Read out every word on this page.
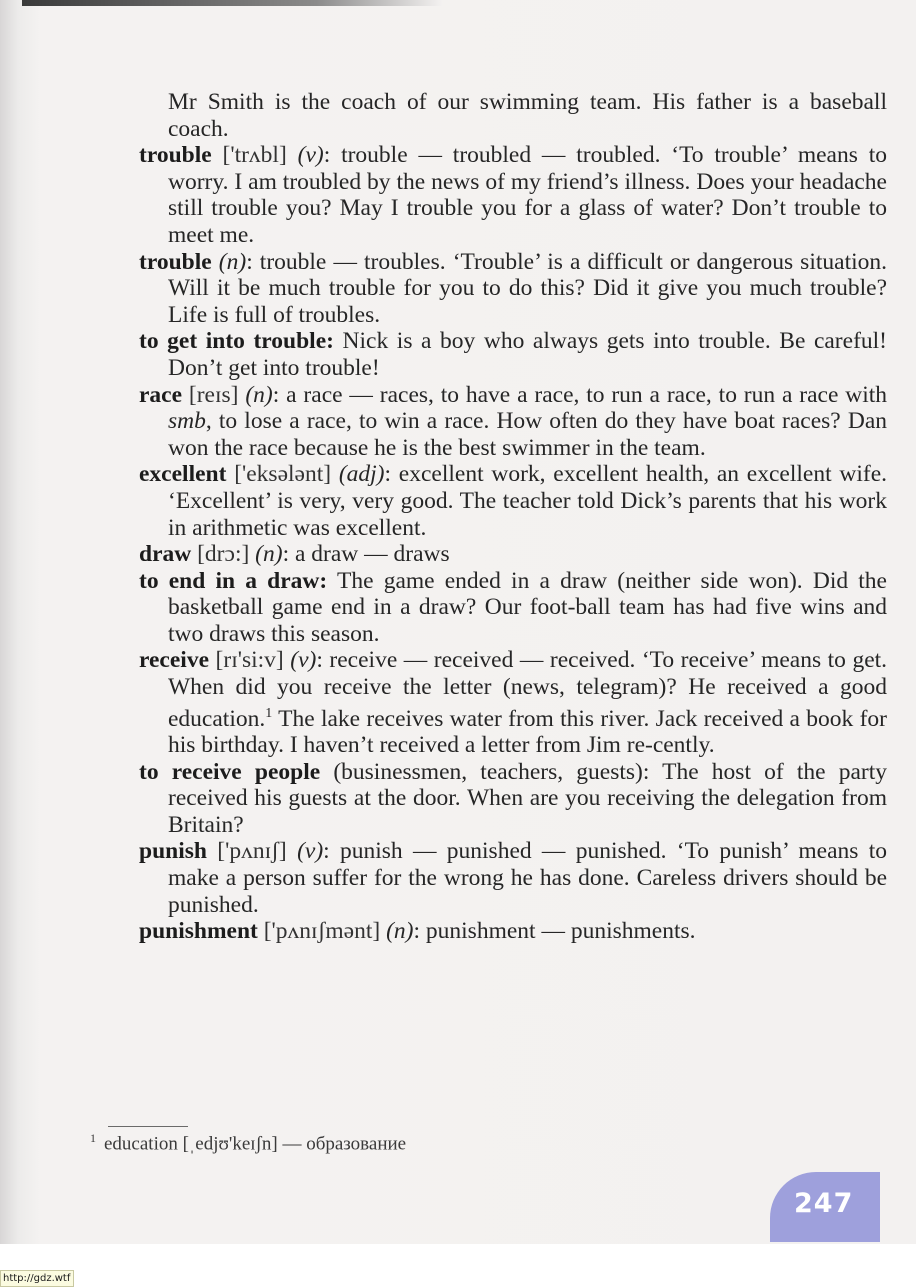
Mr Smith is the coach of our swimming team. His father is a baseball coach.

trouble ['trʌbl] (v): trouble — troubled — troubled. ‘To trouble’ means to worry. I am troubled by the news of my friend’s illness. Does your headache still trouble you? May I trouble you for a glass of water? Don’t trouble to meet me.

trouble (n): trouble — troubles. ‘Trouble’ is a difficult or dangerous situation. Will it be much trouble for you to do this? Did it give you much trouble? Life is full of troubles.

to get into trouble: Nick is a boy who always gets into trouble. Be careful! Don’t get into trouble!

race [reɪs] (n): a race — races, to have a race, to run a race, to run a race with smb, to lose a race, to win a race. How often do they have boat races? Dan won the race because he is the best swimmer in the team.

excellent ['eksələnt] (adj): excellent work, excellent health, an excellent wife. ‘Excellent’ is very, very good. The teacher told Dick’s parents that his work in arithmetic was excellent.

draw [drɔ:] (n): a draw — draws

to end in a draw: The game ended in a draw (neither side won). Did the basketball game end in a draw? Our foot-ball team has had five wins and two draws this season.

receive [rɪ'si:v] (v): receive — received — received. ‘To receive’ means to get. When did you receive the letter (news, telegram)? He received a good education.$^1$ The lake receives water from this river. Jack received a book for his birthday. I haven’t received a letter from Jim re-cently.

to receive people (businessmen, teachers, guests): The host of the party received his guests at the door. When are you receiving the delegation from Britain?

punish ['pʌnɪʃ] (v): punish — punished — punished. ‘To punish’ means to make a person suffer for the wrong he has done. Careless drivers should be punished.

punishment ['pʌnɪʃmənt] (n): punishment — punishments.

$^1$ education [ˌedjʊ'keɪʃn] — образование
247
http://gdz.wtf
